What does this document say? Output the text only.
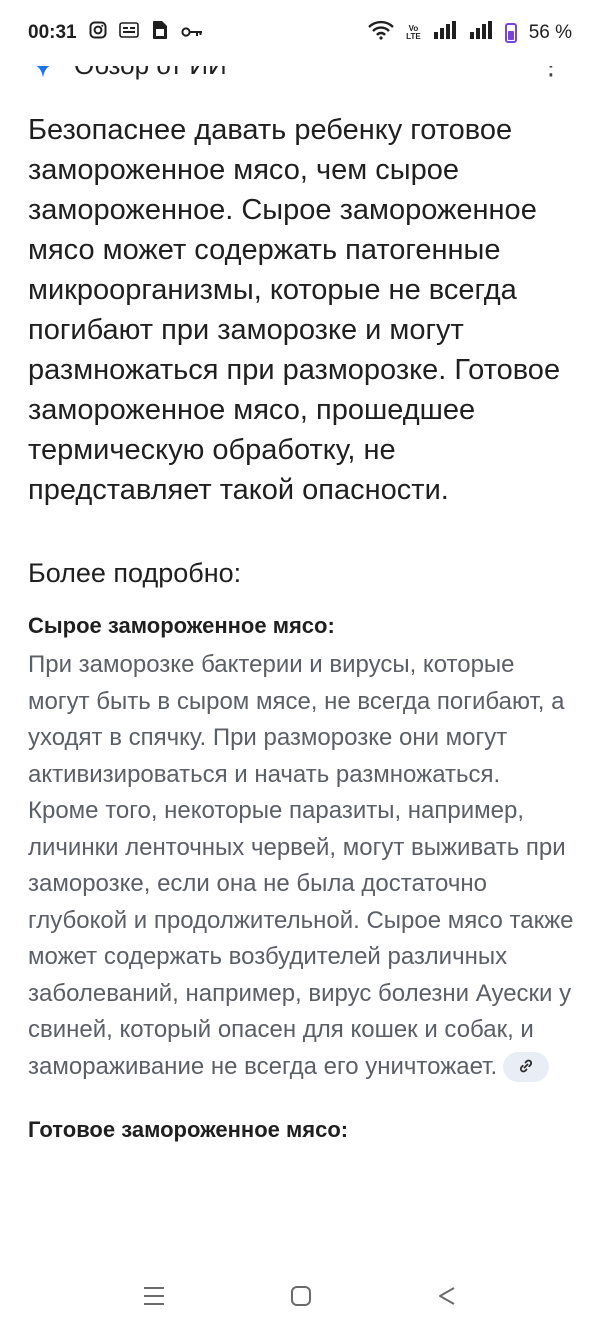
00:31	Vo
LTE	56 %

Безопаснее давать ребенку готовое замороженное мясо, чем сырое замороженное. Сырое замороженное мясо может содержать патогенные микроорганизмы, которые не всегда погибают при заморозке и могут размножаться при разморозке. Готовое замороженное мясо, прошедшее термическую обработку, не представляет такой опасности.

Более подробно:
Сырое замороженное мясо:

При заморозке бактерии и вирусы, которые могут быть в сыром мясе, не всегда погибают, а уходят в спячку. При разморозке они могут активизироваться и начать размножаться. Кроме того, некоторые паразиты, например, личинки ленточных червей, могут выживать при заморозке, если она не была достаточно глубокой и продолжительной. Сырое мясо также может содержать возбудителей различных заболеваний, например, вирус болезни Ауески у свиней, который опасен для кошек и собак, и замораживание не всегда его уничтожает.

Готовое замороженное мясо:
